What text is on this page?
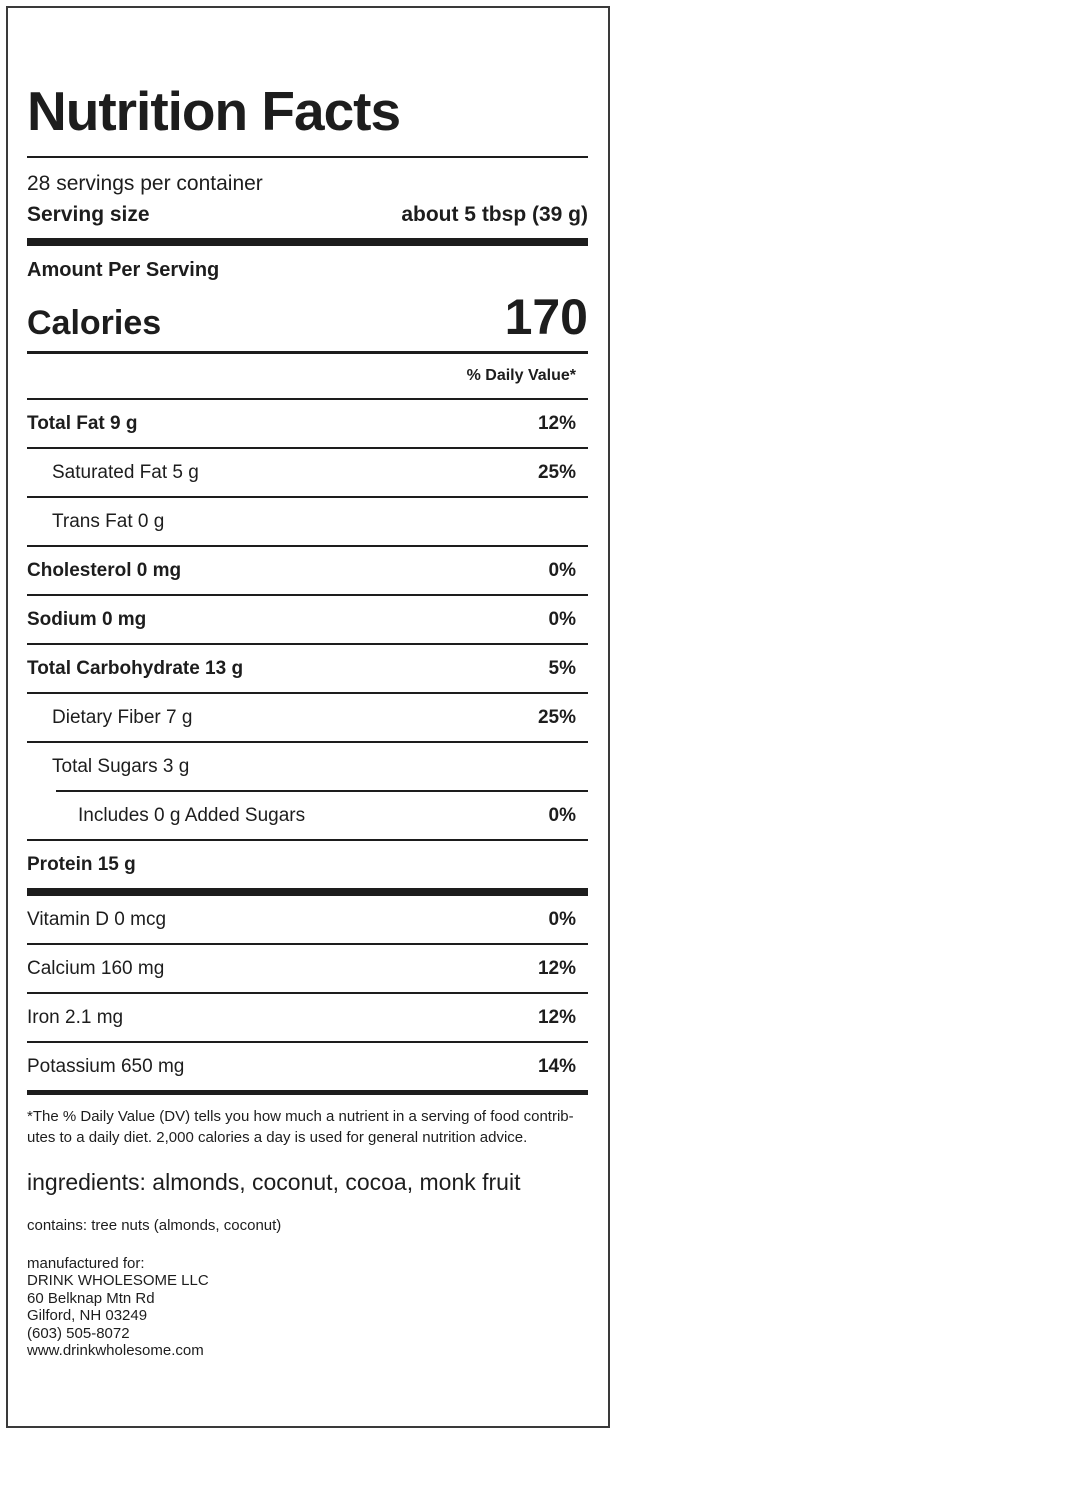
Nutrition Facts
28 servings per container
Serving size	about 5 tbsp (39 g)
Amount Per Serving
Calories	170
% Daily Value*
Total Fat 9 g	12%
Saturated Fat 5 g	25%
Trans Fat 0 g
Cholesterol 0 mg	0%
Sodium 0 mg	0%
Total Carbohydrate 13 g	5%
Dietary Fiber 7 g	25%
Total Sugars 3 g
Includes 0 g Added Sugars	0%
Protein 15 g
Vitamin D 0 mcg	0%
Calcium 160 mg	12%
Iron 2.1 mg	12%
Potassium 650 mg	14%
*The % Daily Value (DV) tells you how much a nutrient in a serving of food contrib-
utes to a daily diet. 2,000 calories a day is used for general nutrition advice.
ingredients: almonds, coconut, cocoa, monk fruit
contains: tree nuts (almonds, coconut)
manufactured for:
DRINK WHOLESOME LLC
60 Belknap Mtn Rd
Gilford, NH 03249
(603) 505-8072
www.drinkwholesome.com
